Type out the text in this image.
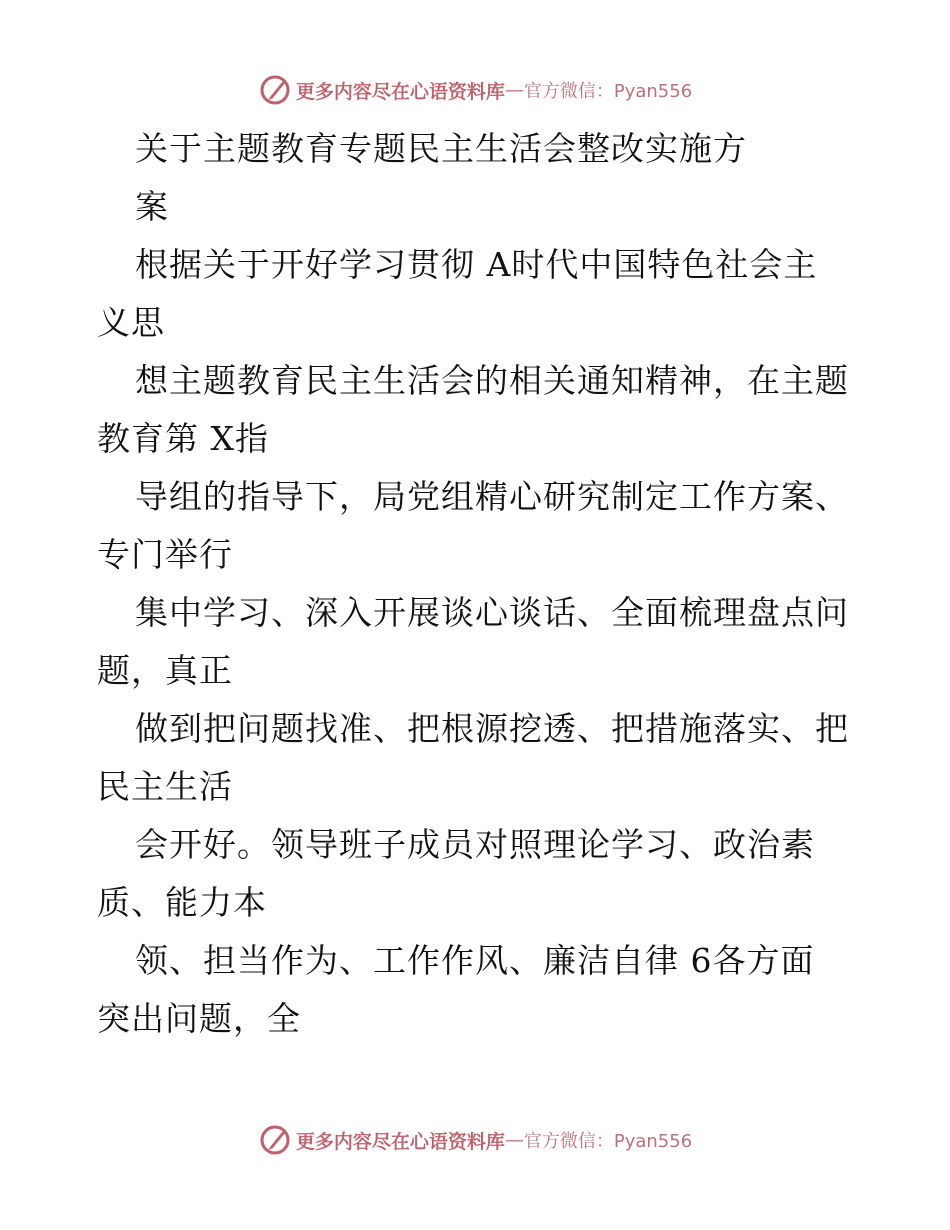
更多内容尽在心语资料库 — 官方微信：Pyan556
关于主题教育专题民主生活会整改实施方
案
根据关于开好学习贯彻 A时代中国特色社会主
义思
想主题教育民主生活会的相关通知精神，在主题
教育第 X指
导组的指导下，局党组精心研究制定工作方案、
专门举行
集中学习、深入开展谈心谈话、全面梳理盘点问
题，真正
做到把问题找准、把根源挖透、把措施落实、把
民主生活
会开好。领导班子成员对照理论学习、政治素
质、能力本
领、担当作为、工作作风、廉洁自律 6各方面
突出问题，全
更多内容尽在心语资料库 — 官方微信：Pyan556
